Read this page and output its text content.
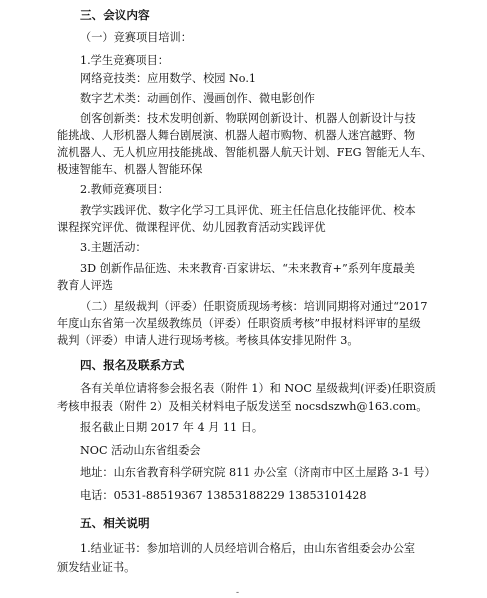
三、会议内容
（一）竞赛项目培训：
1.学生竞赛项目：
网络竞技类：应用数学、校园 No.1
数字艺术类：动画创作、漫画创作、微电影创作
创客创新类：技术发明创新、物联网创新设计、机器人创新设计与技
能挑战、人形机器人舞台剧展演、机器人超市购物、机器人迷宫越野、物
流机器人、无人机应用技能挑战、智能机器人航天计划、FEG 智能无人车、
极速智能车、机器人智能环保
2.教师竞赛项目：
教学实践评优、数字化学习工具评优、班主任信息化技能评优、校本
课程探究评优、微课程评优、幼儿园教育活动实践评优
3.主题活动：
3D 创新作品征选、未来教育·百家讲坛、“未来教育+”系列年度最美
教育人评选
（二）星级裁判（评委）任职资质现场考核：培训同期将对通过“2017
年度山东省第一次星级教练员（评委）任职资质考核”申报材料评审的星级
裁判（评委）申请人进行现场考核。考核具体安排见附件 3。
四、报名及联系方式
各有关单位请将参会报名表（附件 1）和 NOC 星级裁判(评委)任职资质
考核申报表（附件 2）及相关材料电子版发送至 nocsdszwh@163.com。
报名截止日期 2017 年 4 月 11 日。
NOC 活动山东省组委会
地址：山东省教育科学研究院 811 办公室（济南市中区土屋路 3-1 号）
电话：0531-88519367 13853188229 13853101428
五、相关说明
1.结业证书：参加培训的人员经培训合格后，由山东省组委会办公室
颁发结业证书。
-
